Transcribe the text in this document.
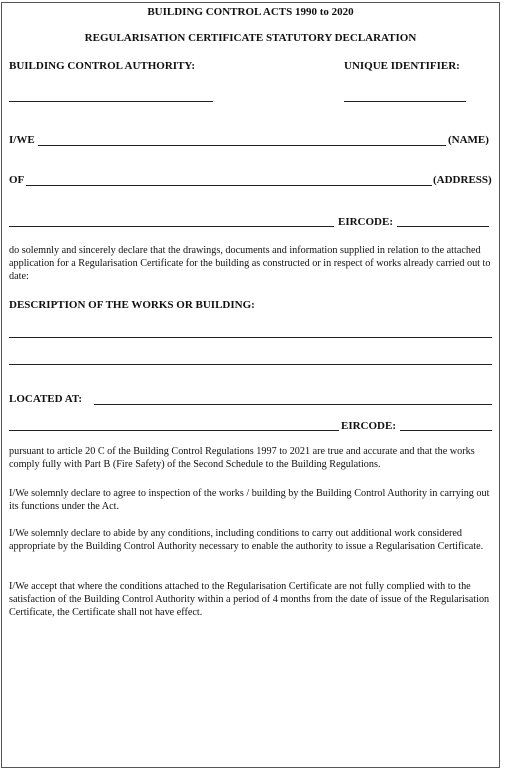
BUILDING CONTROL ACTS 1990 to 2020
REGULARISATION CERTIFICATE STATUTORY DECLARATION
BUILDING CONTROL AUTHORITY:	UNIQUE IDENTIFIER:
I/WE	(NAME)
OF	(ADDRESS)
EIRCODE:
do solemnly and sincerely declare that the drawings, documents and information supplied in relation to the attached application for a Regularisation Certificate for the building as constructed or in respect of works already carried out to date:
DESCRIPTION OF THE WORKS OR BUILDING:
LOCATED AT:
EIRCODE:
pursuant to article 20 C of the Building Control Regulations 1997 to 2021 are true and accurate and that the works comply fully with Part B (Fire Safety) of the Second Schedule to the Building Regulations.
I/We solemnly declare to agree to inspection of the works / building by the Building Control Authority in carrying out its functions under the Act.
I/We solemnly declare to abide by any conditions, including conditions to carry out additional work considered appropriate by the Building Control Authority necessary to enable the authority to issue a Regularisation Certificate.
I/We accept that where the conditions attached to the Regularisation Certificate are not fully complied with to the satisfaction of the Building Control Authority within a period of 4 months from the date of issue of the Regularisation Certificate, the Certificate shall not have effect.
